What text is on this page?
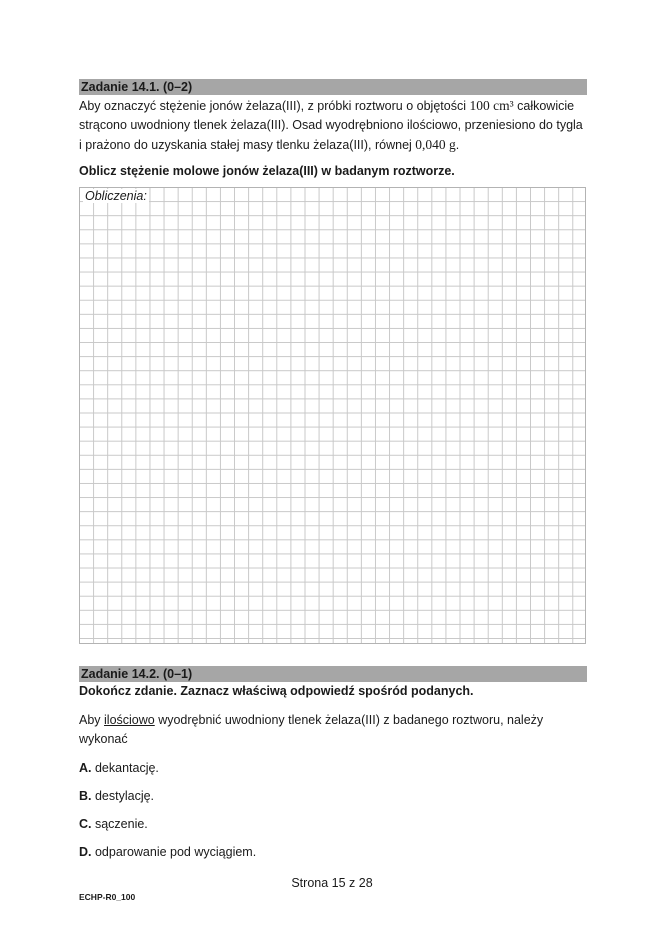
Zadanie 14.1. (0–2)
Aby oznaczyć stężenie jonów żelaza(III), z próbki roztworu o objętości 100 cm³ całkowicie strącono uwodniony tlenek żelaza(III). Osad wyodrębniono ilościowo, przeniesiono do tygla i prażono do uzyskania stałej masy tlenku żelaza(III), równej 0,040 g.
Oblicz stężenie molowe jonów żelaza(III) w badanym roztworze.
Obliczenia:
Zadanie 14.2. (0–1)
Dokończ zdanie. Zaznacz właściwą odpowiedź spośród podanych.
Aby ilościowo wyodrębnić uwodniony tlenek żelaza(III) z badanego roztworu, należy wykonać
A. dekantację.
B. destylację.
C. sączenie.
D. odparowanie pod wyciągiem.
Strona 15 z 28
ECHP-R0_100
